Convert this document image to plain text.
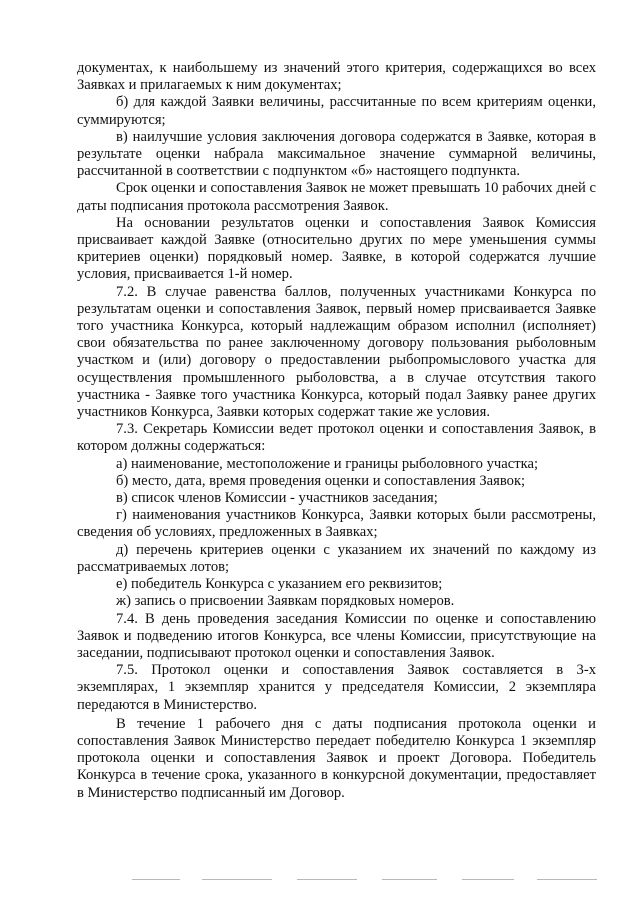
документах, к наибольшему из значений этого критерия, содержащихся во всех Заявках и прилагаемых к ним документах;

б) для каждой Заявки величины, рассчитанные по всем критериям оценки, суммируются;

в) наилучшие условия заключения договора содержатся в Заявке, которая в результате оценки набрала максимальное значение суммарной величины, рассчитанной в соответствии с подпунктом «б» настоящего подпункта.

Срок оценки и сопоставления Заявок не может превышать 10 рабочих дней с даты подписания протокола рассмотрения Заявок.

На основании результатов оценки и сопоставления Заявок Комиссия присваивает каждой Заявке (относительно других по мере уменьшения суммы критериев оценки) порядковый номер. Заявке, в которой содержатся лучшие условия, присваивается 1-й номер.

7.2. В случае равенства баллов, полученных участниками Конкурса по результатам оценки и сопоставления Заявок, первый номер присваивается Заявке того участника Конкурса, который надлежащим образом исполнил (исполняет) свои обязательства по ранее заключенному договору пользования рыболовным участком и (или) договору о предоставлении рыбопромыслового участка для осуществления промышленного рыболовства, а в случае отсутствия такого участника - Заявке того участника Конкурса, который подал Заявку ранее других участников Конкурса, Заявки которых содержат такие же условия.

7.3. Секретарь Комиссии ведет протокол оценки и сопоставления Заявок, в котором должны содержаться:

а) наименование, местоположение и границы рыболовного участка;

б) место, дата, время проведения оценки и сопоставления Заявок;

в) список членов Комиссии - участников заседания;

г) наименования участников Конкурса, Заявки которых были рассмотрены, сведения об условиях, предложенных в Заявках;

д) перечень критериев оценки с указанием их значений по каждому из рассматриваемых лотов;

е) победитель Конкурса с указанием его реквизитов;

ж) запись о присвоении Заявкам порядковых номеров.

7.4. В день проведения заседания Комиссии по оценке и сопоставлению Заявок и подведению итогов Конкурса, все члены Комиссии, присутствующие на заседании, подписывают протокол оценки и сопоставления Заявок.

7.5. Протокол оценки и сопоставления Заявок составляется в 3-х экземплярах, 1 экземпляр хранится у председателя Комиссии, 2 экземпляра передаются в Министерство.

В течение 1 рабочего дня с даты подписания протокола оценки и сопоставления Заявок Министерство передает победителю Конкурса 1 экземпляр протокола оценки и сопоставления Заявок и проект Договора. Победитель Конкурса в течение срока, указанного в конкурсной документации, предоставляет в Министерство подписанный им Договор.
